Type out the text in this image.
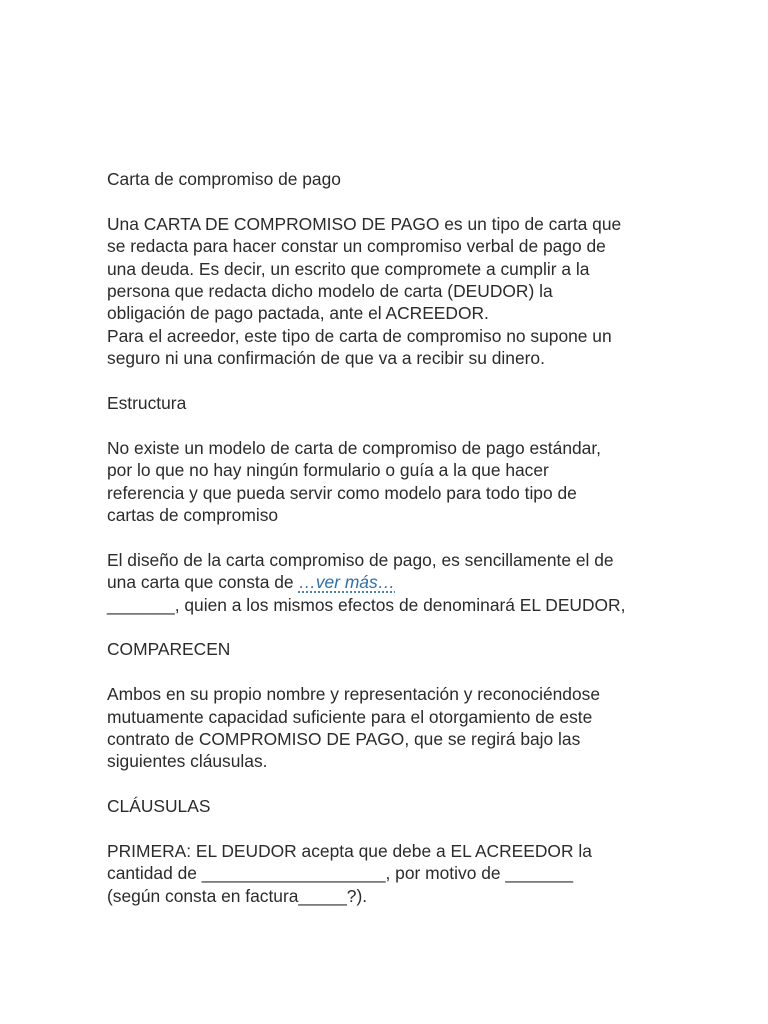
Carta de compromiso de pago

Una CARTA DE COMPROMISO DE PAGO es un tipo de carta que
se redacta para hacer constar un compromiso verbal de pago de
una deuda. Es decir, un escrito que compromete a cumplir a la
persona que redacta dicho modelo de carta (DEUDOR) la
obligación de pago pactada, ante el ACREEDOR.
Para el acreedor, este tipo de carta de compromiso no supone un
seguro ni una confirmación de que va a recibir su dinero.

Estructura

No existe un modelo de carta de compromiso de pago estándar,
por lo que no hay ningún formulario o guía a la que hacer
referencia y que pueda servir como modelo para todo tipo de
cartas de compromiso

El diseño de la carta compromiso de pago, es sencillamente el de
una carta que consta de …ver más…
_______, quien a los mismos efectos de denominará EL DEUDOR,

COMPARECEN

Ambos en su propio nombre y representación y reconociéndose
mutuamente capacidad suficiente para el otorgamiento de este
contrato de COMPROMISO DE PAGO, que se regirá bajo las
siguientes cláusulas.

CLÁUSULAS

PRIMERA: EL DEUDOR acepta que debe a EL ACREEDOR la
cantidad de ___________________, por motivo de _______
(según consta en factura_____?).
